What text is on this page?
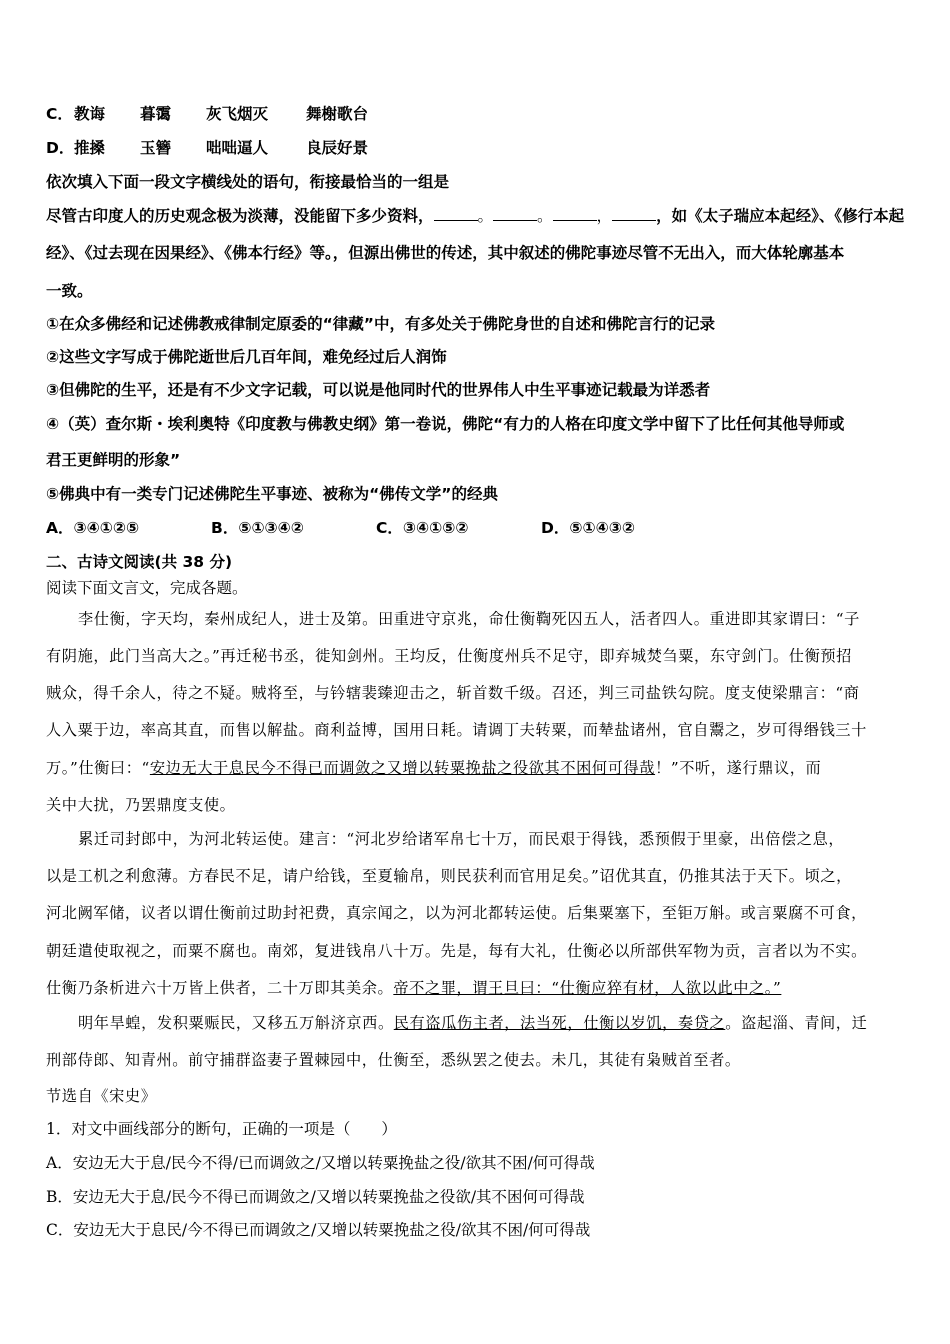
C．教诲 暮霭 灰飞烟灭 舞榭歌台
D．推搡 玉簪 咄咄逼人 良辰好景
依次填入下面一段文字横线处的语句，衔接最恰当的一组是
尽管古印度人的历史观念极为淡薄，没能留下多少资料，	。	。	，	，如《太子瑞应本起经》、《修行本起
经》、《过去现在因果经》、《佛本行经》等。，但源出佛世的传述，其中叙述的佛陀事迹尽管不无出入，而大体轮廓基本
一致。
①在众多佛经和记述佛教戒律制定原委的“律藏”中，有多处关于佛陀身世的自述和佛陀言行的记录
②这些文字写成于佛陀逝世后几百年间，难免经过后人润饰
③但佛陀的生平，还是有不少文字记载，可以说是他同时代的世界伟人中生平事迹记载最为详悉者
④（英）查尔斯・埃利奥特《印度教与佛教史纲》第一卷说，佛陀“有力的人格在印度文学中留下了比任何其他导师或
君王更鲜明的形象”
⑤佛典中有一类专门记述佛陀生平事迹、被称为“佛传文学”的经典
A．③④①②⑤	B．⑤①③④②	C．③④①⑤②	D．⑤①④③②
二、古诗文阅读(共 38 分)
阅读下面文言文，完成各题。
李仕衡，字天均，秦州成纪人，进士及第。田重进守京兆，命仕衡鞫死囚五人，活者四人。重进即其家谓曰：“子
有阴施，此门当高大之。”再迁秘书丞，徙知剑州。王均反，仕衡度州兵不足守，即弃城焚刍粟，东守剑门。仕衡预招
贼众，得千余人，待之不疑。贼将至，与钤辖裴臻迎击之，斩首数千级。召还，判三司盐铁勾院。度支使梁鼎言：“商
人入粟于边，率高其直，而售以解盐。商利益博，国用日耗。请调丁夫转粟，而辇盐诸州，官自鬻之，岁可得缗钱三十
万。”仕衡曰：“安边无大于息民今不得已而调敛之又增以转粟挽盐之役欲其不困何可得哉！”不听，遂行鼎议，而
关中大扰，乃罢鼎度支使。
累迁司封郎中，为河北转运使。建言：“河北岁给诸军帛七十万，而民艰于得钱，悉预假于里豪，出倍偿之息，
以是工机之利愈薄。方春民不足，请户给钱，至夏输帛，则民获利而官用足矣。”诏优其直，仍推其法于天下。顷之，
河北阙军储，议者以谓仕衡前过助封祀费，真宗闻之，以为河北都转运使。后集粟塞下，至钜万斛。或言粟腐不可食，
朝廷遣使取视之，而粟不腐也。南郊，复进钱帛八十万。先是，每有大礼，仕衡必以所部供军物为贡，言者以为不实。
仕衡乃条析进六十万皆上供者，二十万即其美余。帝不之罪，谓王旦曰：“仕衡应猝有材，人欲以此中之。”
明年旱蝗，发积粟赈民，又移五万斛济京西。民有盗瓜伤主者，法当死，仕衡以岁饥，奏贷之。盗起淄、青间，迁
刑部侍郎、知青州。前守捕群盗妻子置棘园中，仕衡至，悉纵罢之使去。未几，其徒有枭贼首至者。
节选自《宋史》
1．对文中画线部分的断句，正确的一项是（　　）
A．安边无大于息/民今不得/已而调敛之/又增以转粟挽盐之役/欲其不困/何可得哉
B．安边无大于息/民今不得已而调敛之/又增以转粟挽盐之役欲/其不困何可得哉
C．安边无大于息民/今不得已而调敛之/又增以转粟挽盐之役/欲其不困/何可得哉
